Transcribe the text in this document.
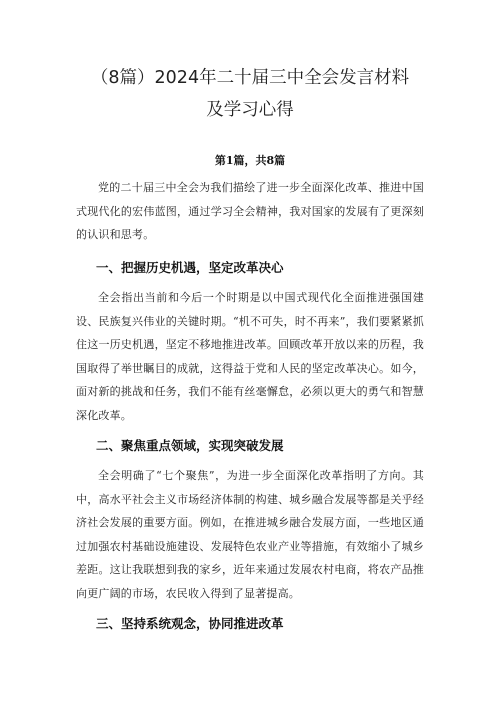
（8篇）2024年二十届三中全会发言材料
及学习心得
第1篇，共8篇

党的二十届三中全会为我们描绘了进一步全面深化改革、推进中国式现代化的宏伟蓝图，通过学习全会精神，我对国家的发展有了更深刻的认识和思考。

一、把握历史机遇，坚定改革决心

全会指出当前和今后一个时期是以中国式现代化全面推进强国建设、民族复兴伟业的关键时期。“机不可失，时不再来”，我们要紧紧抓住这一历史机遇，坚定不移地推进改革。回顾改革开放以来的历程，我国取得了举世瞩目的成就，这得益于党和人民的坚定改革决心。如今，面对新的挑战和任务，我们不能有丝毫懈怠，必须以更大的勇气和智慧深化改革。

二、聚焦重点领域，实现突破发展

全会明确了“七个聚焦”，为进一步全面深化改革指明了方向。其中，高水平社会主义市场经济体制的构建、城乡融合发展等都是关乎经济社会发展的重要方面。例如，在推进城乡融合发展方面，一些地区通过加强农村基础设施建设、发展特色农业产业等措施，有效缩小了城乡差距。这让我联想到我的家乡，近年来通过发展农村电商，将农产品推向更广阔的市场，农民收入得到了显著提高。

三、坚持系统观念，协同推进改革
